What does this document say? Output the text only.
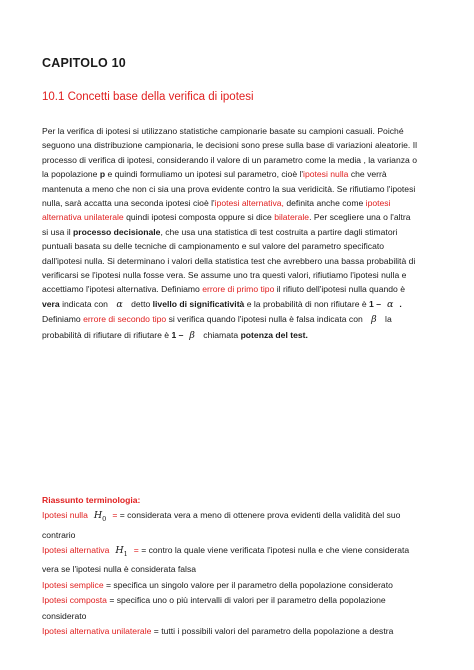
CAPITOLO 10
10.1 Concetti base della verifica di ipotesi
Per la verifica di ipotesi si utilizzano statistiche campionarie basate su campioni casuali. Poiché
seguono una distribuzione campionaria, le decisioni sono prese sulla base di variazioni aleatorie. Il
processo di verifica di ipotesi, considerando il valore di un parametro come la media , la varianza o
la popolazione p e quindi formuliamo un ipotesi sul parametro, cioè l'ipotesi nulla che verrà
mantenuta a meno che non ci sia una prova evidente contro la sua veridicità. Se rifiutiamo l'ipotesi
nulla, sarà accatta una seconda ipotesi cioè l'ipotesi alternativa, definita anche come ipotesi
alternativa unilaterale quindi ipotesi composta oppure si dice bilaterale. Per scegliere una o l'altra
si usa il processo decisionale, che usa una statistica di test costruita a partire dagli stimatori
puntuali basata su delle tecniche di campionamento e sul valore del parametro specificato
dall'ipotesi nulla. Si determinano i valori della statistica test che avrebbero una bassa probabilità di
verificarsi se l'ipotesi nulla fosse vera. Se assume uno tra questi valori, rifiutiamo l'ipotesi nulla e
accettiamo l'ipotesi alternativa. Definiamo errore di primo tipo il rifiuto dell'ipotesi nulla quando è
vera indicata con α detto livello di significatività e la probabilità di non rifiutare è 1 – α .
Definiamo errore di secondo tipo si verifica quando l'ipotesi nulla è falsa indicata con β la
probabilità di rifiutare di rifiutare è 1 – β chiamata potenza del test.
Riassunto terminologia:
Ipotesi nulla $H_0$ = = considerata vera a meno di ottenere prova evidenti della validità del suo
contrario
Ipotesi alternativa $H_1$ = = contro la quale viene verificata l'ipotesi nulla e che viene considerata
vera se l'ipotesi nulla è considerata falsa
Ipotesi semplice = specifica un singolo valore per il parametro della popolazione considerato
Ipotesi composta = specifica uno o più intervalli di valori per il parametro della popolazione
considerato
Ipotesi alternativa unilaterale = tutti i possibili valori del parametro della popolazione a destra
